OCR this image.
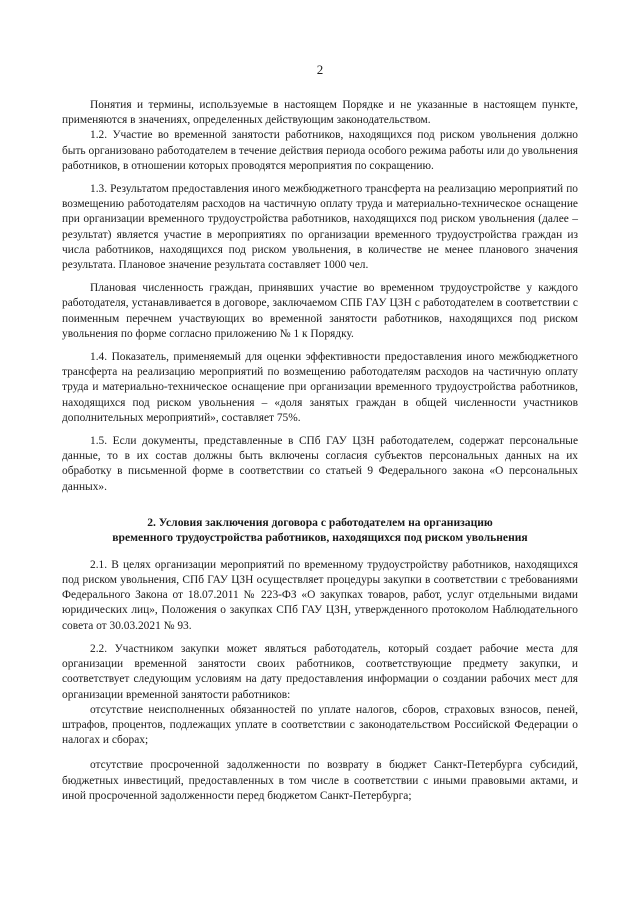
2

Понятия и термины, используемые в настоящем Порядке и не указанные в настоящем пункте, применяются в значениях, определенных действующим законодательством.

1.2. Участие во временной занятости работников, находящихся под риском увольнения должно быть организовано работодателем в течение действия периода особого режима работы или до увольнения работников, в отношении которых проводятся мероприятия по сокращению.

1.3. Результатом предоставления иного межбюджетного трансферта на реализацию мероприятий по возмещению работодателям расходов на частичную оплату труда и материально-техническое оснащение при организации временного трудоустройства работников, находящихся под риском увольнения (далее – результат) является участие в мероприятиях по организации временного трудоустройства граждан из числа работников, находящихся под риском увольнения, в количестве не менее планового значения результата. Плановое значение результата составляет 1000 чел.

Плановая численность граждан, принявших участие во временном трудоустройстве у каждого работодателя, устанавливается в договоре, заключаемом СПБ ГАУ ЦЗН с работодателем в соответствии с поименным перечнем участвующих во временной занятости работников, находящихся под риском увольнения по форме согласно приложению № 1 к Порядку.

1.4. Показатель, применяемый для оценки эффективности предоставления иного межбюджетного трансферта на реализацию мероприятий по возмещению работодателям расходов на частичную оплату труда и материально-техническое оснащение при организации временного трудоустройства работников, находящихся под риском увольнения – «доля занятых граждан в общей численности участников дополнительных мероприятий», составляет 75%.

1.5. Если документы, представленные в СПб ГАУ ЦЗН работодателем, содержат персональные данные, то в их состав должны быть включены согласия субъектов персональных данных на их обработку в письменной форме в соответствии со статьей 9 Федерального закона «О персональных данных».

2. Условия заключения договора с работодателем на организацию
временного трудоустройства работников, находящихся под риском увольнения

2.1. В целях организации мероприятий по временному трудоустройству работников, находящихся под риском увольнения, СПб ГАУ ЦЗН осуществляет процедуры закупки в соответствии с требованиями Федерального Закона от 18.07.2011 № 223-ФЗ «О закупках товаров, работ, услуг отдельными видами юридических лиц», Положения о закупках СПб ГАУ ЦЗН, утвержденного протоколом Наблюдательного совета от 30.03.2021 № 93.

2.2. Участником закупки может являться работодатель, который создает рабочие места для организации временной занятости своих работников, соответствующие предмету закупки, и соответствует следующим условиям на дату предоставления информации о создании рабочих мест для организации временной занятости работников:

отсутствие неисполненных обязанностей по уплате налогов, сборов, страховых взносов, пеней, штрафов, процентов, подлежащих уплате в соответствии с законодательством Российской Федерации о налогах и сборах;

отсутствие просроченной задолженности по возврату в бюджет Санкт-Петербурга субсидий, бюджетных инвестиций, предоставленных в том числе в соответствии с иными правовыми актами, и иной просроченной задолженности перед бюджетом Санкт-Петербурга;
